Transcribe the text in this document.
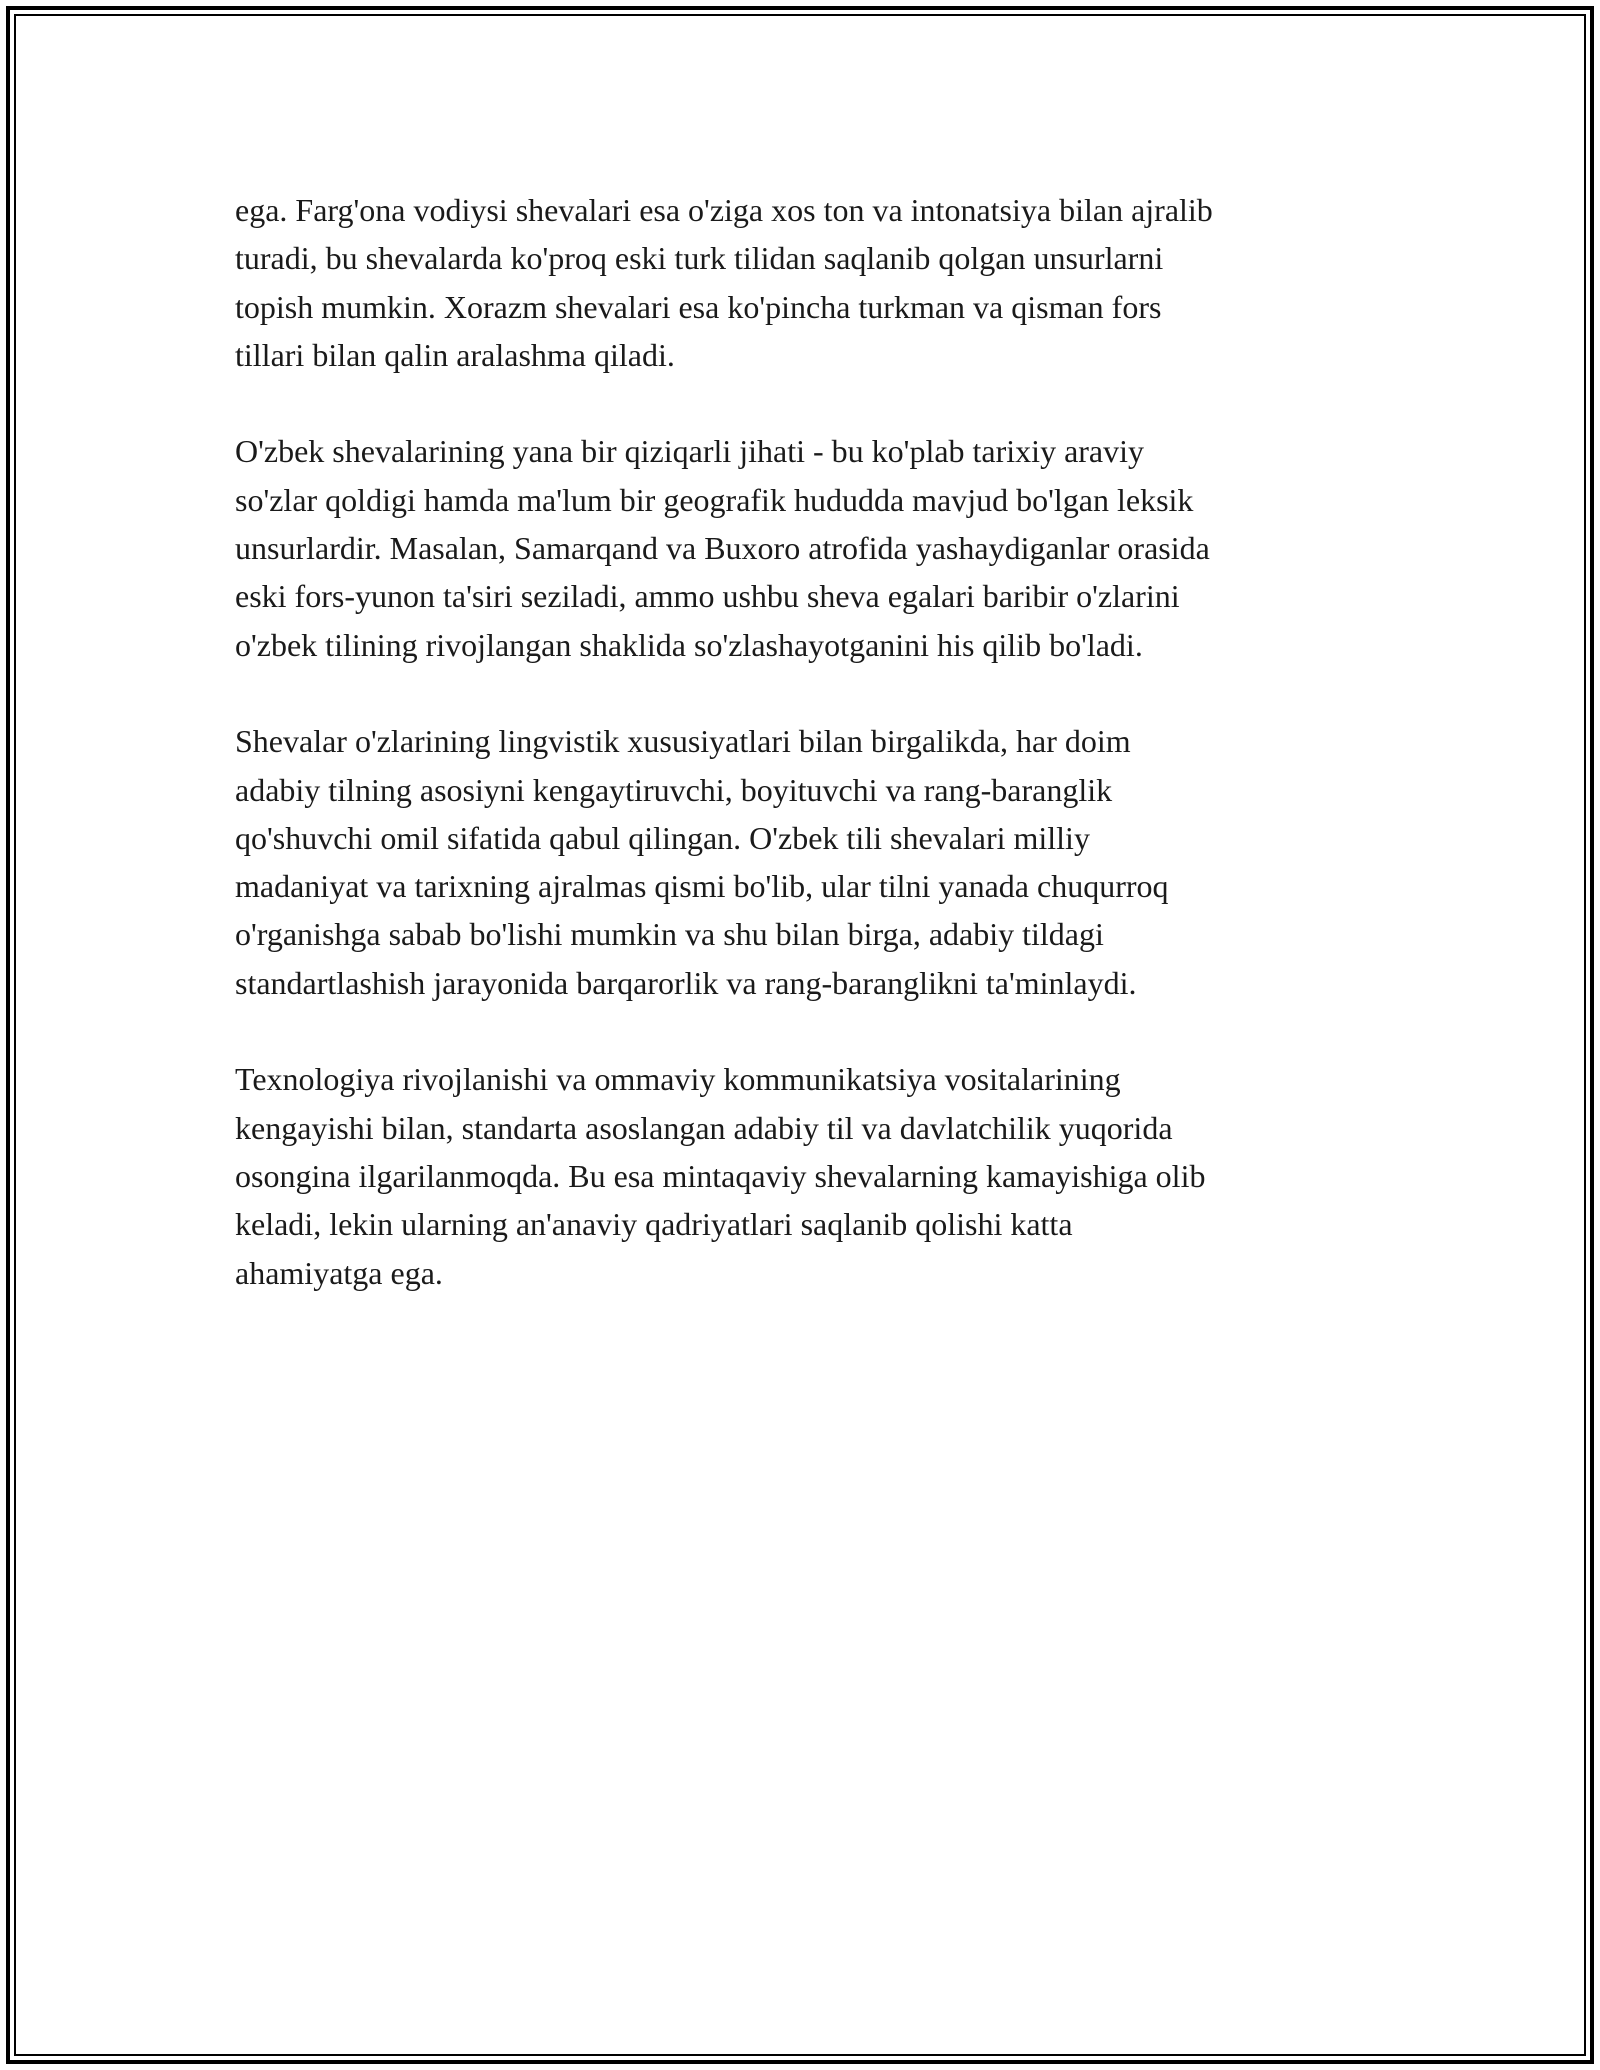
ega. Farg'ona vodiysi shevalari esa o'ziga xos ton va intonatsiya bilan ajralib
turadi, bu shevalarda ko'proq eski turk tilidan saqlanib qolgan unsurlarni
topish mumkin. Xorazm shevalari esa ko'pincha turkman va qisman fors
tillari bilan qalin aralashma qiladi.

O'zbek shevalarining yana bir qiziqarli jihati - bu ko'plab tarixiy araviy
so'zlar qoldigi hamda ma'lum bir geografik hududda mavjud bo'lgan leksik
unsurlardir. Masalan, Samarqand va Buxoro atrofida yashaydiganlar orasida
eski fors-yunon ta'siri seziladi, ammo ushbu sheva egalari baribir o'zlarini
o'zbek tilining rivojlangan shaklida so'zlashayotganini his qilib bo'ladi.

Shevalar o'zlarining lingvistik xususiyatlari bilan birgalikda, har doim
adabiy tilning asosiyni kengaytiruvchi, boyituvchi va rang-baranglik
qo'shuvchi omil sifatida qabul qilingan. O'zbek tili shevalari milliy
madaniyat va tarixning ajralmas qismi bo'lib, ular tilni yanada chuqurroq
o'rganishga sabab bo'lishi mumkin va shu bilan birga, adabiy tildagi
standartlashish jarayonida barqarorlik va rang-baranglikni ta'minlaydi.

Texnologiya rivojlanishi va ommaviy kommunikatsiya vositalarining
kengayishi bilan, standarta asoslangan adabiy til va davlatchilik yuqorida
osongina ilgarilanmoqda. Bu esa mintaqaviy shevalarning kamayishiga olib
keladi, lekin ularning an'anaviy qadriyatlari saqlanib qolishi katta
ahamiyatga ega.
